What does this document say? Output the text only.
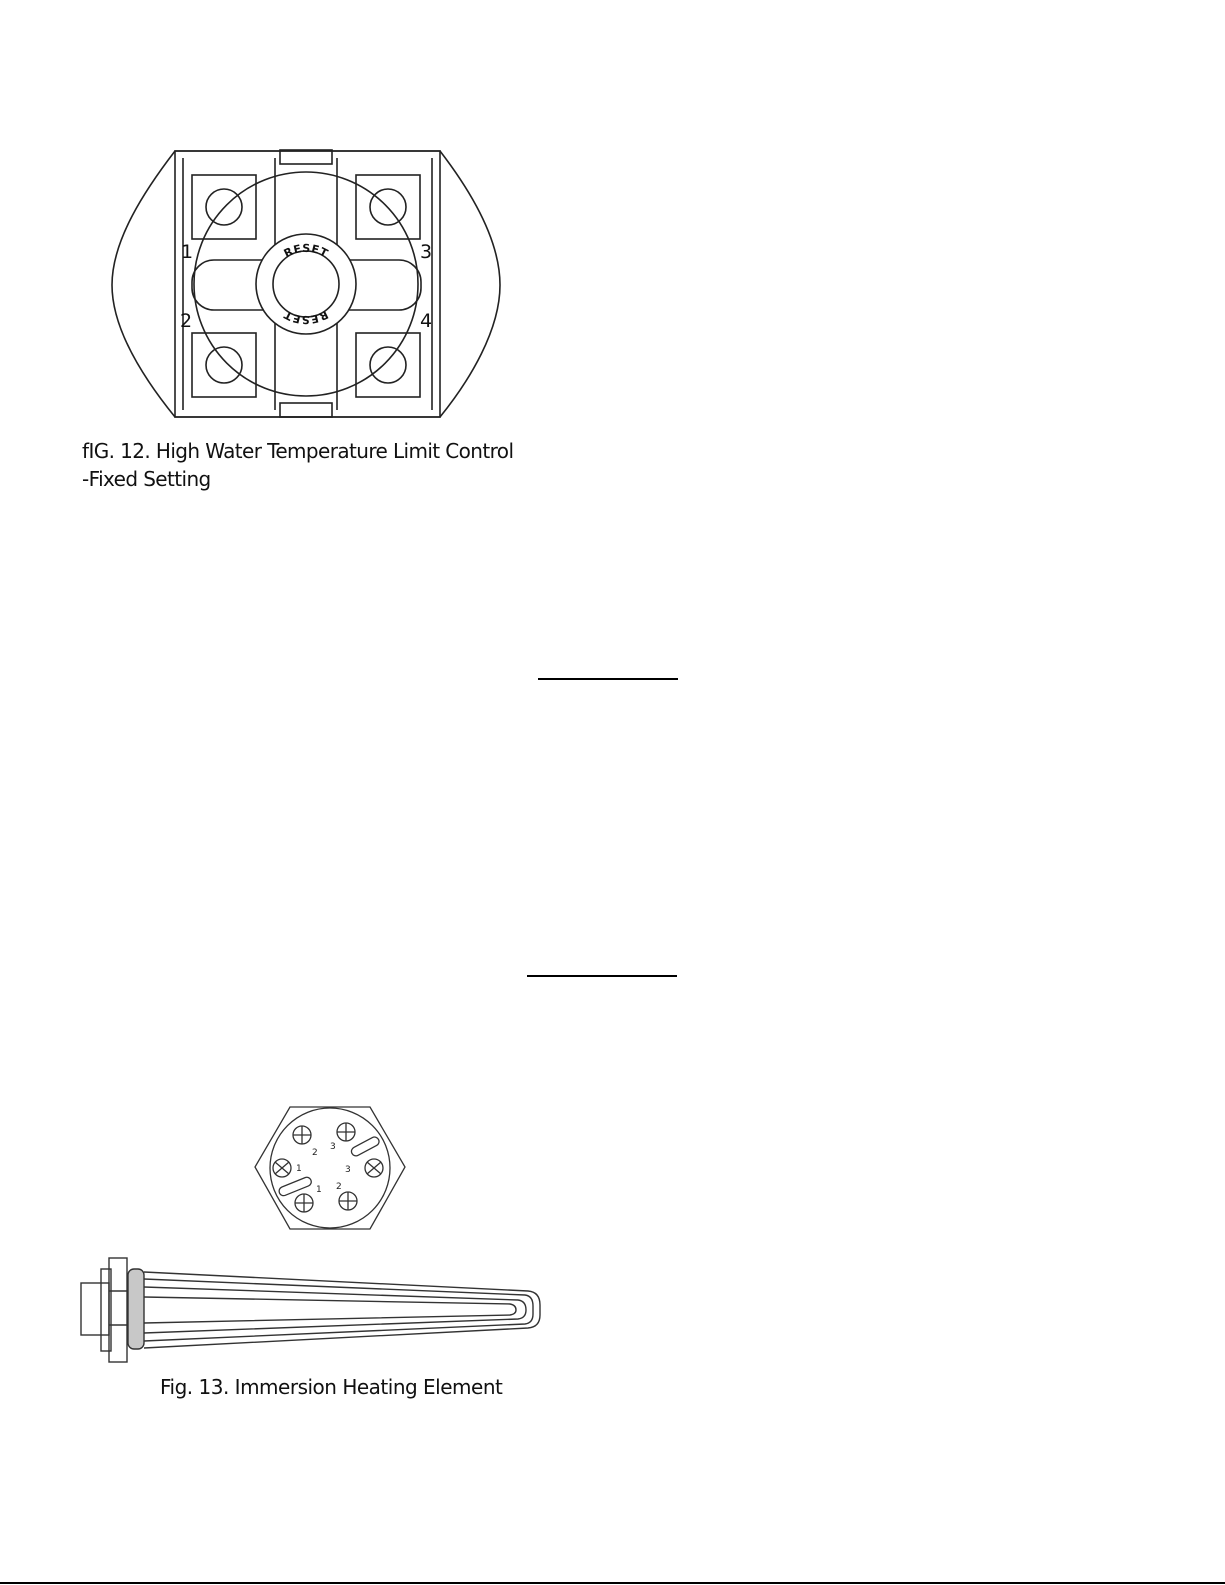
RESET
RESET
1
2
3
4
fIG. 12. High Water Temperature Limit Control
-Fixed Setting
2
3
3
1
1 2
Fig. 13. Immersion Heating Element
